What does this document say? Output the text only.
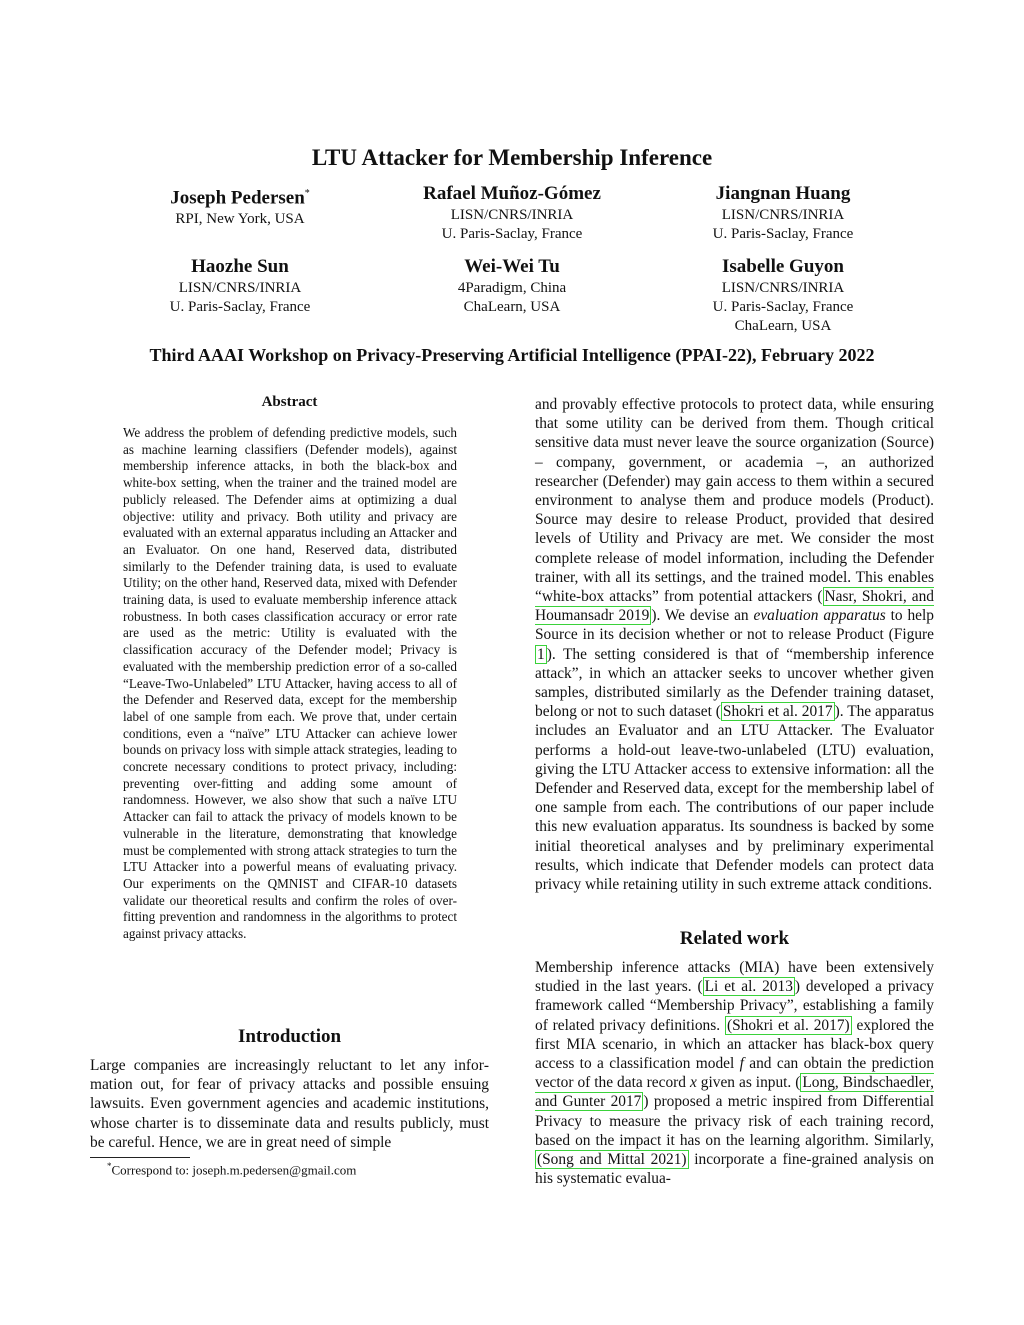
LTU Attacker for Membership Inference
Joseph Pedersen*
RPI, New York, USA
Rafael Muñoz-Gómez
LISN/CNRS/INRIA
U. Paris-Saclay, France
Jiangnan Huang
LISN/CNRS/INRIA
U. Paris-Saclay, France
Haozhe Sun
LISN/CNRS/INRIA
U. Paris-Saclay, France
Wei-Wei Tu
4Paradigm, China
ChaLearn, USA
Isabelle Guyon
LISN/CNRS/INRIA
U. Paris-Saclay, France
ChaLearn, USA
Third AAAI Workshop on Privacy-Preserving Artificial Intelligence (PPAI-22), February 2022
Abstract
We address the problem of defending predictive models, such as machine learning classifiers (Defender models), against membership inference attacks, in both the black-box and white-box setting, when the trainer and the trained model are publicly released. The Defender aims at optimizing a dual objective: utility and privacy. Both utility and privacy are evaluated with an external apparatus including an Attacker and an Evaluator. On one hand, Reserved data, distributed similarly to the Defender training data, is used to evaluate Utility; on the other hand, Reserved data, mixed with Defender training data, is used to evaluate membership inference attack robustness. In both cases classification accuracy or error rate are used as the metric: Utility is evaluated with the classification accuracy of the Defender model; Privacy is evaluated with the membership prediction error of a so-called “Leave-Two-Unlabeled” LTU Attacker, having access to all of the Defender and Reserved data, except for the membership label of one sample from each. We prove that, under certain conditions, even a “naïve” LTU Attacker can achieve lower bounds on privacy loss with simple attack strategies, leading to concrete necessary conditions to protect privacy, including: preventing over-fitting and adding some amount of randomness. However, we also show that such a naïve LTU Attacker can fail to attack the privacy of models known to be vulnerable in the literature, demonstrating that knowledge must be complemented with strong attack strategies to turn the LTU Attacker into a powerful means of evaluating privacy. Our experiments on the QMNIST and CIFAR-10 datasets validate our theoretical results and confirm the roles of over-fitting prevention and randomness in the algorithms to protect against privacy attacks.
Introduction
Large companies are increasingly reluctant to let any information out, for fear of privacy attacks and possible ensuing lawsuits. Even government agencies and academic institutions, whose charter is to disseminate data and results publicly, must be careful. Hence, we are in great need of simple
and provably effective protocols to protect data, while ensuring that some utility can be derived from them. Though critical sensitive data must never leave the source organization (Source) – company, government, or academia –, an authorized researcher (Defender) may gain access to them within a secured environment to analyse them and produce models (Product). Source may desire to release Product, provided that desired levels of Utility and Privacy are met. We consider the most complete release of model information, including the Defender trainer, with all its settings, and the trained model. This enables “white-box attacks” from potential attackers ( Nasr, Shokri, and Houmansadr 2019 ). We devise an evaluation apparatus to help Source in its decision whether or not to release Product (Figure 1 ). The setting considered is that of “membership inference attack”, in which an attacker seeks to uncover whether given samples, distributed similarly as the Defender training dataset, belong or not to such dataset ( Shokri et al. 2017 ). The apparatus includes an Evaluator and an LTU Attacker. The Evaluator performs a hold-out leave-two-unlabeled (LTU) evaluation, giving the LTU Attacker access to extensive information: all the Defender and Reserved data, except for the membership label of one sample from each. The contributions of our paper include this new evaluation apparatus. Its soundness is backed by some initial theoretical analyses and by preliminary experimental results, which indicate that Defender models can protect data privacy while retaining utility in such extreme attack conditions.
Related work
Membership inference attacks (MIA) have been extensively studied in the last years. ( Li et al. 2013 ) developed a privacy framework called “Membership Privacy”, establishing a family of related privacy definitions. (Shokri et al. 2017) explored the first MIA scenario, in which an attacker has black-box query access to a classification model f and can obtain the prediction vector of the data record x given as input. ( Long, Bindschaedler, and Gunter 2017 ) proposed a metric inspired from Differential Privacy to measure the privacy risk of each training record, based on the impact it has on the learning algorithm. Similarly, (Song and Mittal 2021) incorporate a fine-grained analysis on his systematic evalua-
*Correspond to: joseph.m.pedersen@gmail.com
